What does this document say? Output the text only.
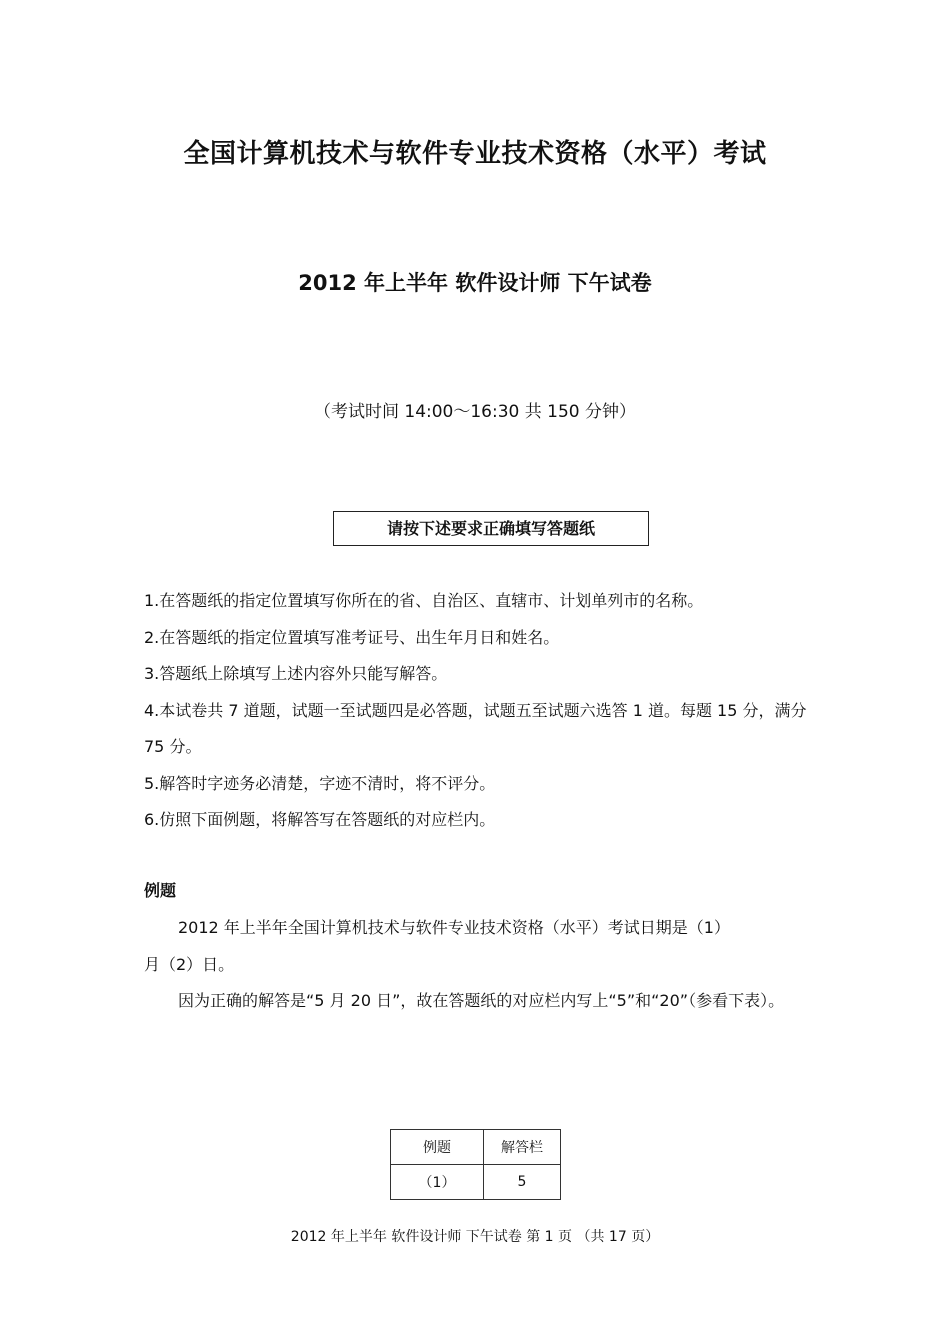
全国计算机技术与软件专业技术资格（水平）考试
2012 年上半年 软件设计师 下午试卷
（考试时间 14:00～16:30 共 150 分钟）
请按下述要求正确填写答题纸

1.在答题纸的指定位置填写你所在的省、自治区、直辖市、计划单列市的名称。

2.在答题纸的指定位置填写准考证号、出生年月日和姓名。

3.答题纸上除填写上述内容外只能写解答。

4.本试卷共 7 道题，试题一至试题四是必答题，试题五至试题六选答 1 道。每题 15 分，满分 75 分。

5.解答时字迹务必清楚，字迹不清时，将不评分。

6.仿照下面例题，将解答写在答题纸的对应栏内。

例题

2012 年上半年全国计算机技术与软件专业技术资格（水平）考试日期是（1）

月（2）日。

因为正确的解答是“5 月 20 日”，故在答题纸的对应栏内写上“5”和“20”（参看下表）。

例题	解答栏
（1）	5
2012 年上半年 软件设计师 下午试卷 第 1 页 （共 17 页）
